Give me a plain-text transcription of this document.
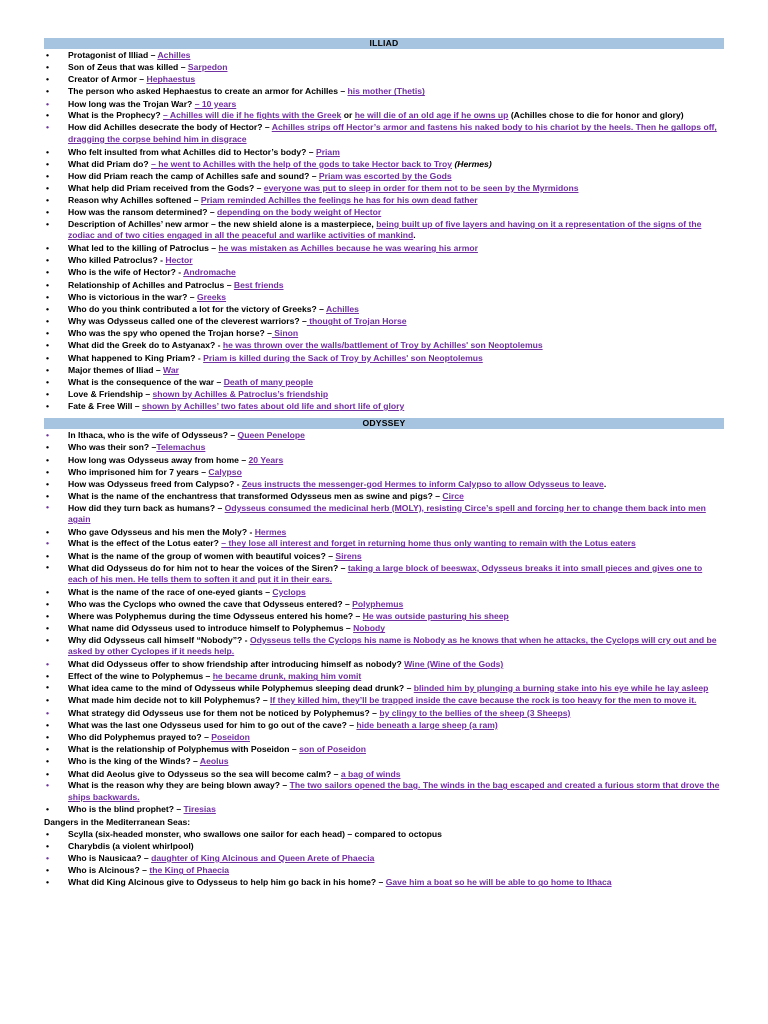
ILLIAD
• Protagonist of Illiad – Achilles
• Son of Zeus that was killed – Sarpedon
• Creator of Armor – Hephaestus
• The person who asked Hephaestus to create an armor for Achilles – his mother (Thetis)
• How long was the Trojan War? – 10 years
• What is the Prophecy? – Achilles will die if he fights with the Greek or he will die of an old age if he owns up (Achilles chose to die for honor and glory)
• How did Achilles desecrate the body of Hector? – Achilles strips off Hector’s armor and fastens his naked body to his chariot by the heels. Then he gallops off, dragging the corpse behind him in disgrace
• Who felt insulted from what Achilles did to Hector’s body? – Priam
• What did Priam do? – he went to Achilles with the help of the gods to take Hector back to Troy (Hermes)
• How did Priam reach the camp of Achilles safe and sound? – Priam was escorted by the Gods
• What help did Priam received from the Gods? – everyone was put to sleep in order for them not to be seen by the Myrmidons
• Reason why Achilles softened – Priam reminded Achilles the feelings he has for his own dead father
• How was the ransom determined? – depending on the body weight of Hector
• Description of Achilles’ new armor – the new shield alone is a masterpiece, being built up of five layers and having on it a representation of the signs of the zodiac and of two cities engaged in all the peaceful and warlike activities of mankind.
• What led to the killing of Patroclus – he was mistaken as Achilles because he was wearing his armor
• Who killed Patroclus? - Hector
• Who is the wife of Hector? - Andromache
• Relationship of Achilles and Patroclus – Best friends
• Who is victorious in the war? – Greeks
• Who do you think contributed a lot for the victory of Greeks? – Achilles
• Why was Odysseus called one of the cleverest warriors? – thought of Trojan Horse
• Who was the spy who opened the Trojan horse? – Sinon
• What did the Greek do to Astyanax? - he was thrown over the walls/battlement of Troy by Achilles' son Neoptolemus
• What happened to King Priam? - Priam is killed during the Sack of Troy by Achilles' son Neoptolemus
• Major themes of Iliad – War
• What is the consequence of the war – Death of many people
• Love & Friendship – shown by Achilles & Patroclus’s friendship
• Fate & Free Will – shown by Achilles’ two fates about old life and short life of glory
ODYSSEY
• In Ithaca, who is the wife of Odysseus? – Queen Penelope
• Who was their son? –Telemachus
• How long was Odysseus away from home – 20 Years
• Who imprisoned him for 7 years – Calypso
• How was Odysseus freed from Calypso? - Zeus instructs the messenger-god Hermes to inform Calypso to allow Odysseus to leave.
• What is the name of the enchantress that transformed Odysseus men as swine and pigs? – Circe
• How did they turn back as humans? – Odysseus consumed the medicinal herb (MOLY), resisting Circe’s spell and forcing her to change them back into men again
• Who gave Odysseus and his men the Moly? - Hermes
• What is the effect of the Lotus eater? – they lose all interest and forget in returning home thus only wanting to remain with the Lotus eaters
• What is the name of the group of women with beautiful voices? – Sirens
• What did Odysseus do for him not to hear the voices of the Siren? – taking a large block of beeswax, Odysseus breaks it into small pieces and gives one to each of his men. He tells them to soften it and put it in their ears.
• What is the name of the race of one-eyed giants – Cyclops
• Who was the Cyclops who owned the cave that Odysseus entered? – Polyphemus
• Where was Polyphemus during the time Odysseus entered his home? – He was outside pasturing his sheep
• What name did Odysseus used to introduce himself to Polyphemus – Nobody
• Why did Odysseus call himself “Nobody”? - Odysseus tells the Cyclops his name is Nobody as he knows that when he attacks, the Cyclops will cry out and be asked by other Cyclopes if it needs help.
• What did Odysseus offer to show friendship after introducing himself as nobody? Wine (Wine of the Gods)
• Effect of the wine to Polyphemus – he became drunk, making him vomit
• What idea came to the mind of Odysseus while Polyphemus sleeping dead drunk? – blinded him by plunging a burning stake into his eye while he lay asleep
• What made him decide not to kill Polyphemus? – If they killed him, they’ll be trapped inside the cave because the rock is too heavy for the men to move it.
• What strategy did Odysseus use for them not be noticed by Polyphemus? – by clingy to the bellies of the sheep (3 Sheeps)
• What was the last one Odysseus used for him to go out of the cave? – hide beneath a large sheep (a ram)
• Who did Polyphemus prayed to? – Poseidon
• What is the relationship of Polyphemus with Poseidon – son of Poseidon
• Who is the king of the Winds? – Aeolus
• What did Aeolus give to Odysseus so the sea will become calm? – a bag of winds
• What is the reason why they are being blown away? – The two sailors opened the bag. The winds in the bag escaped and created a furious storm that drove the ships backwards.
• Who is the blind prophet? – Tiresias
Dangers in the Mediterranean Seas:
• Scylla (six-headed monster, who swallows one sailor for each head) – compared to octopus
• Charybdis (a violent whirlpool)
• Who is Nausicaa? – daughter of King Alcinous and Queen Arete of Phaecia
• Who is Alcinous? – the King of Phaecia
• What did King Alcinous give to Odysseus to help him go back in his home? – Gave him a boat so he will be able to go home to Ithaca
